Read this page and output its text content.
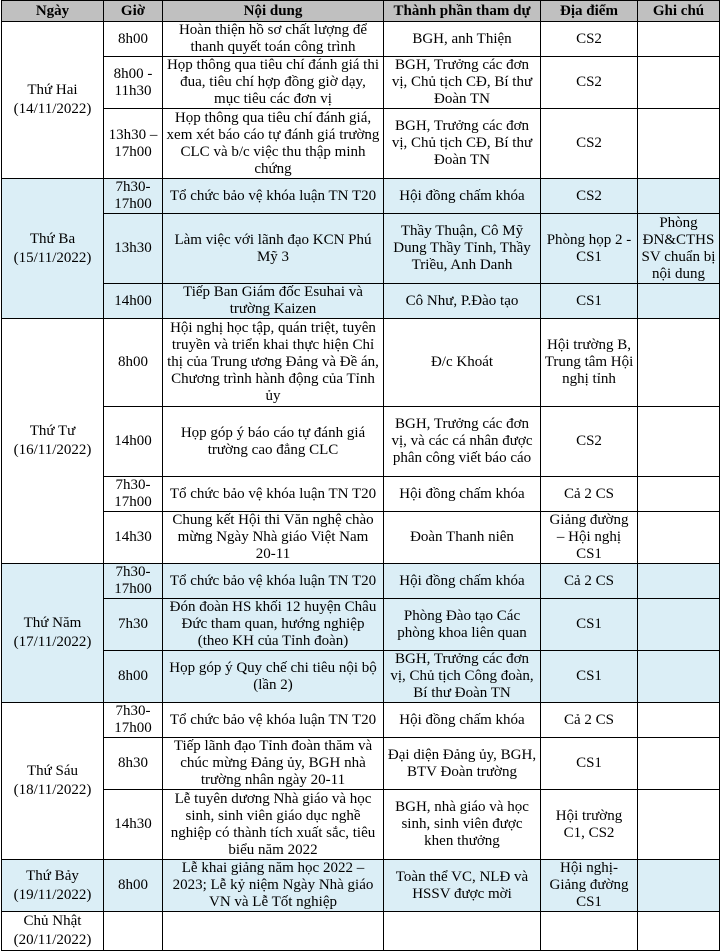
Ngày	Giờ	Nội dung	Thành phần tham dự	Địa điểm	Ghi chú

Thứ Hai
(14/11/2022)	8h00	Hoàn thiện hồ sơ chất lượng để thanh quyết toán công trình	BGH, anh Thiện	CS2	
	8h00 - 11h30	Họp thông qua tiêu chí đánh giá thi đua, tiêu chí hợp đồng giờ dạy, mục tiêu các đơn vị	BGH, Trưởng các đơn vị, Chủ tịch CĐ, Bí thư Đoàn TN	CS2	
	13h30 – 17h00	Họp thông qua tiêu chí đánh giá, xem xét báo cáo tự đánh giá trường CLC và b/c việc thu thập minh chứng	BGH, Trưởng các đơn vị, Chủ tịch CĐ, Bí thư Đoàn TN	CS2	

Thứ Ba
(15/11/2022)	7h30- 17h00	Tổ chức bảo vệ khóa luận TN T20	Hội đồng chấm khóa	CS2	
	13h30	Làm việc với lãnh đạo KCN Phú Mỹ 3	Thầy Thuận, Cô Mỹ Dung Thầy Tỉnh, Thầy Triều, Anh Danh	Phòng họp 2 - CS1	Phòng ĐN&CTHS SV chuẩn bị nội dung
	14h00	Tiếp Ban Giám đốc Esuhai và trường Kaizen	Cô Như, P.Đào tạo	CS1	

Thứ Tư
(16/11/2022)	8h00	Hội nghị học tập, quán triệt, tuyên truyền và triển khai thực hiện Chỉ thị của Trung ương Đảng và Đề án, Chương trình hành động của Tỉnh ủy	Đ/c Khoát	Hội trường B, Trung tâm Hội nghị tỉnh	
	14h00	Họp góp ý báo cáo tự đánh giá trường cao đẳng CLC	BGH, Trưởng các đơn vị, và các cá nhân được phân công viết báo cáo	CS2	
	7h30- 17h00	Tổ chức bảo vệ khóa luận TN T20	Hội đồng chấm khóa	Cả 2 CS	
	14h30	Chung kết Hội thi Văn nghệ chào mừng Ngày Nhà giáo Việt Nam 20-11	Đoàn Thanh niên	Giảng đường – Hội nghị CS1	

Thứ Năm
(17/11/2022)	7h30- 17h00	Tổ chức bảo vệ khóa luận TN T20	Hội đồng chấm khóa	Cả 2 CS	
	7h30	Đón đoàn HS khối 12 huyện Châu Đức tham quan, hướng nghiệp (theo KH của Tỉnh đoàn)	Phòng Đào tạo Các phòng khoa liên quan	CS1	
	8h00	Họp góp ý Quy chế chi tiêu nội bộ (lần 2)	BGH, Trưởng các đơn vị, Chủ tịch Công đoàn, Bí thư Đoàn TN	CS1	

Thứ Sáu
(18/11/2022)	7h30- 17h00	Tổ chức bảo vệ khóa luận TN T20	Hội đồng chấm khóa	Cả 2 CS	
	8h30	Tiếp lãnh đạo Tỉnh đoàn thăm và chúc mừng Đảng ủy, BGH nhà trường nhân ngày 20-11	Đại diện Đảng ủy, BGH, BTV Đoàn trường	CS1	
	14h30	Lễ tuyên dương Nhà giáo và học sinh, sinh viên giáo dục nghề nghiệp có thành tích xuất sắc, tiêu biểu năm 2022	BGH, nhà giáo và học sinh, sinh viên được khen thưởng	Hội trường C1, CS2	

Thứ Bảy
(19/11/2022)	8h00	Lễ khai giảng năm học 2022 – 2023; Lễ kỷ niệm Ngày Nhà giáo VN và Lễ Tốt nghiệp	Toàn thể VC, NLĐ và HSSV được mời	Hội nghị- Giảng đường CS1	

Chủ Nhật
(20/11/2022)					
